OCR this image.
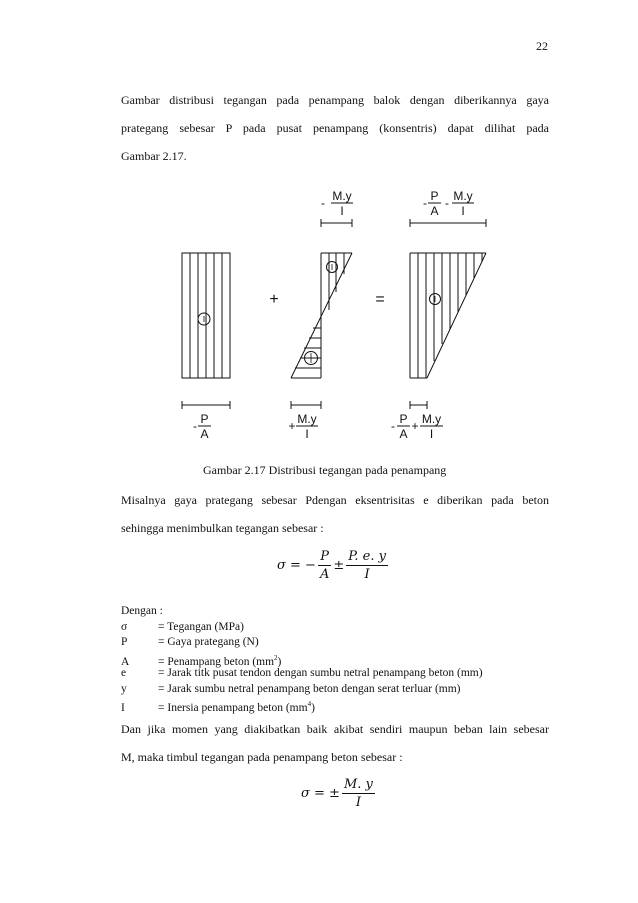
22
Gambar distribusi tegangan pada penampang balok dengan diberikannya gaya
prategang sebesar P pada pusat penampang (konsentris) dapat dilihat pada
Gambar 2.17.
- M.y
I
- P
A
- M.y
I
+	=
- P
A
+ M.y
I
- P
A
+ M.y
I
Gambar 2.17 Distribusi tegangan pada penampang
Misalnya gaya prategang sebesar Pdengan eksentrisitas e diberikan pada beton
sehingga menimbulkan tegangan sebesar :
σ = − $\frac{P}{A} \pm \frac{P. e. y}{I}$
Dengan :
σ	= Tegangan (MPa)
P	= Gaya prategang (N)
A = Penampang beton $(mm^2)$
e	= Jarak titk pusat tendon dengan sumbu netral penampang beton (mm)
y	= Jarak sumbu netral penampang beton dengan serat terluar (mm)
I	= Inersia penampang beton $(mm^4)$
Dan jika momen yang diakibatkan baik akibat sendiri maupun beban lain sebesar
M, maka timbul tegangan pada penampang beton sebesar :
σ = ± $\frac{M. y}{I}$
